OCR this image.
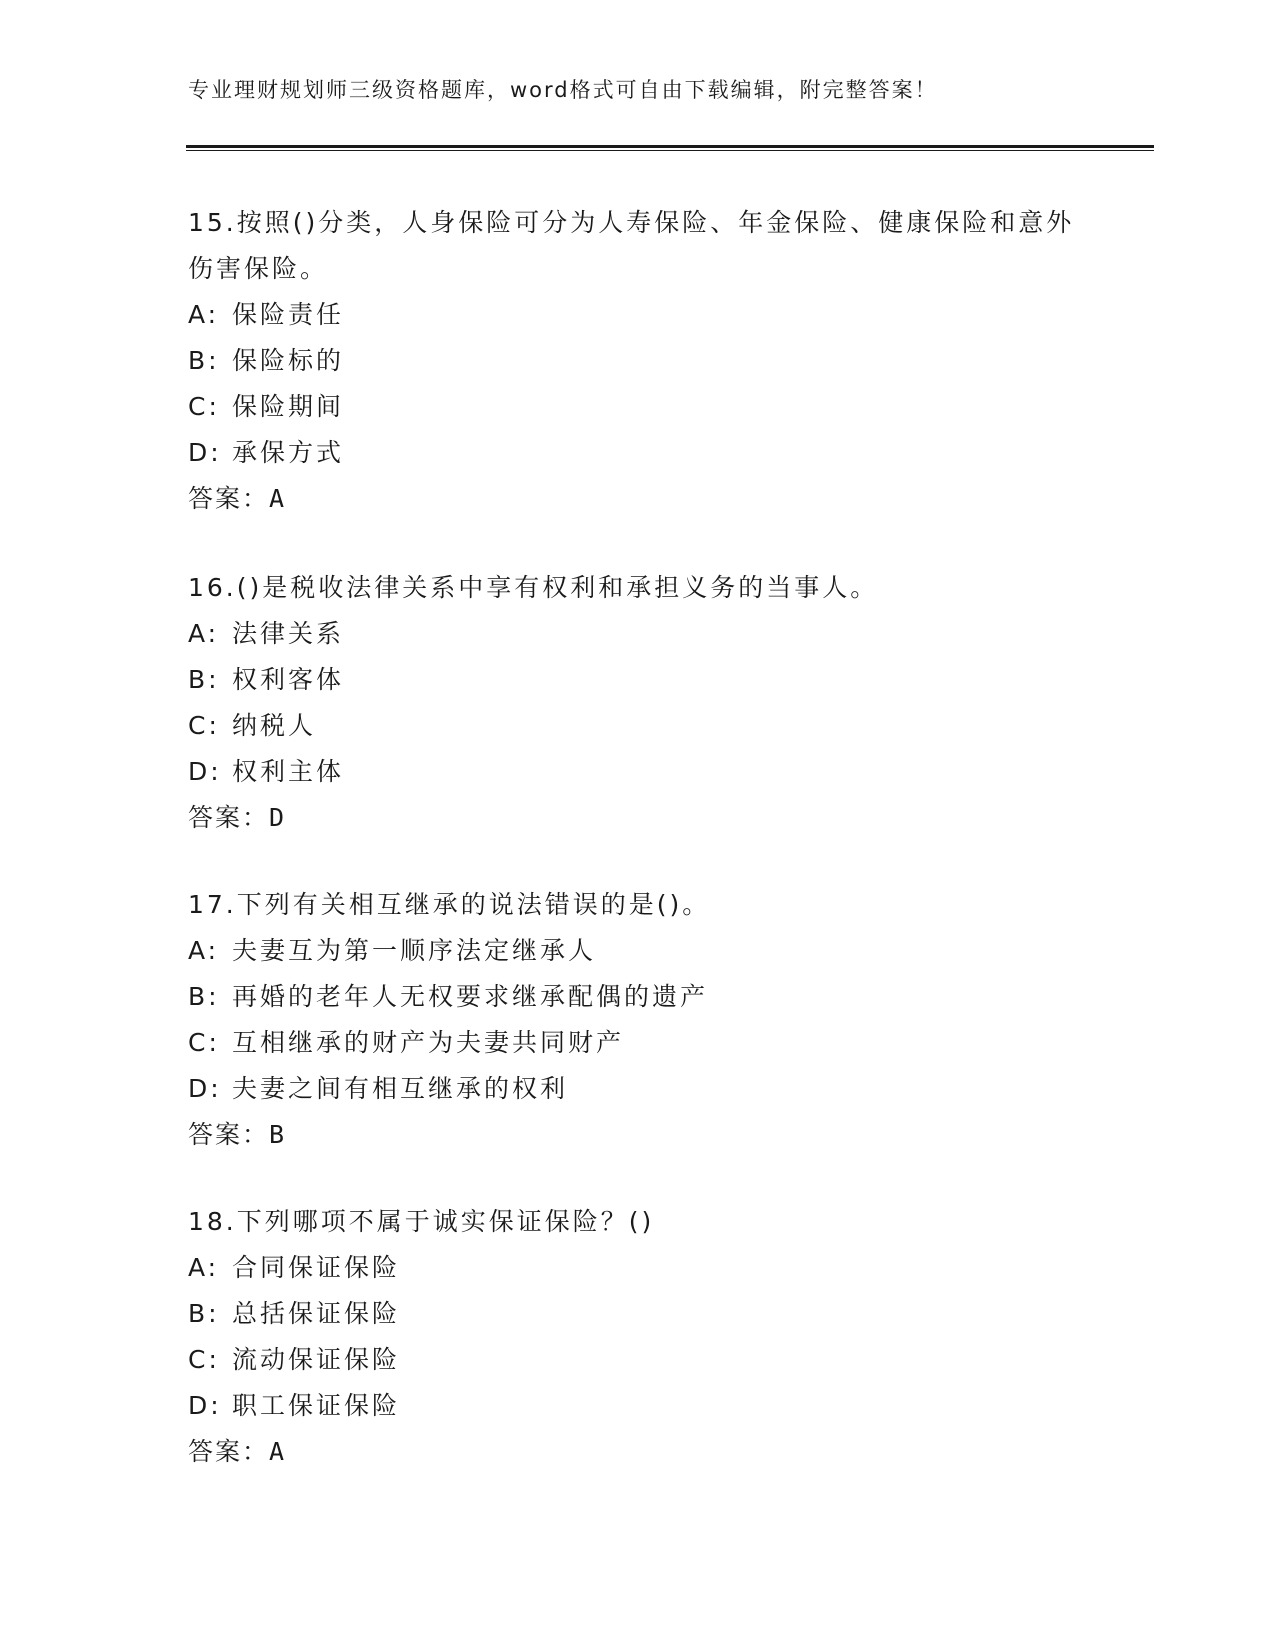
专业理财规划师三级资格题库，word格式可自由下载编辑，附完整答案！

15.按照()分类，人身保险可分为人寿保险、年金保险、健康保险和意外伤害保险。

A: 保险责任
B: 保险标的
C: 保险期间
D: 承保方式
答案：A

16.()是税收法律关系中享有权利和承担义务的当事人。

A: 法律关系
B: 权利客体
C: 纳税人
D: 权利主体
答案：D

17.下列有关相互继承的说法错误的是()。

A: 夫妻互为第一顺序法定继承人
B: 再婚的老年人无权要求继承配偶的遗产
C: 互相继承的财产为夫妻共同财产
D: 夫妻之间有相互继承的权利
答案：B

18.下列哪项不属于诚实保证保险？()

A: 合同保证保险
B: 总括保证保险
C: 流动保证保险
D: 职工保证保险
答案：A
